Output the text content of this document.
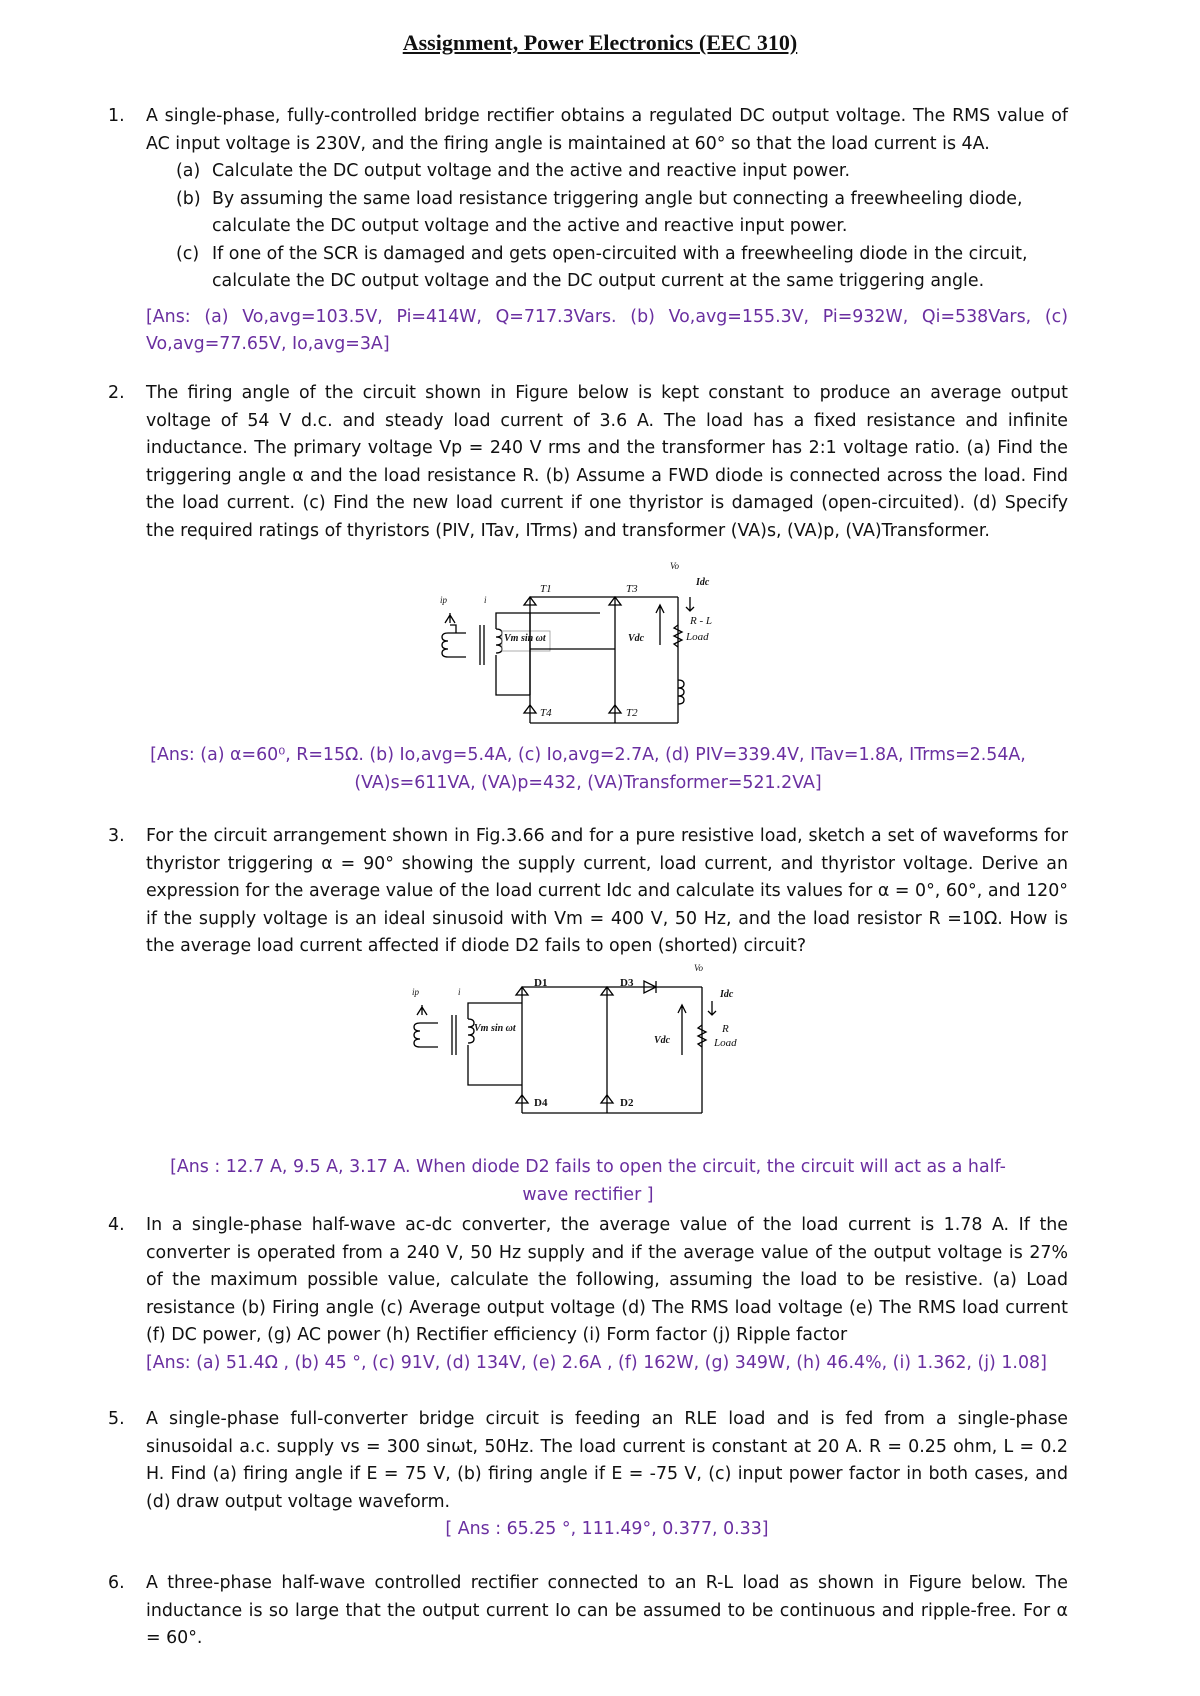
Assignment, Power Electronics (EEC 310)
1. A single-phase, fully-controlled bridge rectifier obtains a regulated DC output voltage. The RMS value of AC input voltage is 230V, and the firing angle is maintained at 60° so that the load current is 4A.
(a) Calculate the DC output voltage and the active and reactive input power.
(b) By assuming the same load resistance triggering angle but connecting a freewheeling diode, calculate the DC output voltage and the active and reactive input power.
(c) If one of the SCR is damaged and gets open-circuited with a freewheeling diode in the circuit, calculate the DC output voltage and the DC output current at the same triggering angle.
[Ans: (a) Vo,avg=103.5V, Pi=414W, Q=717.3Vars. (b) Vo,avg=155.3V, Pi=932W, Qi=538Vars, (c) Vo,avg=77.65V, Io,avg=3A]
2. The firing angle of the circuit shown in Figure below is kept constant to produce an average output voltage of 54 V d.c. and steady load current of 3.6 A. The load has a fixed resistance and infinite inductance. The primary voltage Vp = 240 V rms and the transformer has 2:1 voltage ratio. (a) Find the triggering angle α and the load resistance R. (b) Assume a FWD diode is connected across the load. Find the load current. (c) Find the new load current if one thyristor is damaged (open-circuited). (d) Specify the required ratings of thyristors (PIV, ITav, ITrms) and transformer (VA)s, (VA)p, (VA)Transformer.
T1	T3
T4	T2
Vm sin ωt	Vdc
Idc
R - L
Load
Vo
ip	i
[Ans: (a) α=60⁰, R=15Ω. (b) Io,avg=5.4A, (c) Io,avg=2.7A, (d) PIV=339.4V, ITav=1.8A, ITrms=2.54A,
(VA)s=611VA, (VA)p=432, (VA)Transformer=521.2VA]
3. For the circuit arrangement shown in Fig.3.66 and for a pure resistive load, sketch a set of waveforms for thyristor triggering α = 90° showing the supply current, load current, and thyristor voltage. Derive an expression for the average value of the load current Idc and calculate its values for α = 0°, 60°, and 120° if the supply voltage is an ideal sinusoid with Vm = 400 V, 50 Hz, and the load resistor R =10Ω. How is the average load current affected if diode D2 fails to open (shorted) circuit?
D1	D3
D4	D2
Vm sin ωt
Vdc
Idc
R
Load
Vo
ip	i
[Ans : 12.7 A, 9.5 A, 3.17 A. When diode D2 fails to open the circuit, the circuit will act as a half-wave rectifier ]
4. In a single-phase half-wave ac-dc converter, the average value of the load current is 1.78 A. If the converter is operated from a 240 V, 50 Hz supply and if the average value of the output voltage is 27% of the maximum possible value, calculate the following, assuming the load to be resistive. (a) Load resistance (b) Firing angle (c) Average output voltage (d) The RMS load voltage (e) The RMS load current (f) DC power, (g) AC power (h) Rectifier efficiency (i) Form factor (j) Ripple factor
[Ans: (a) 51.4Ω , (b) 45 °, (c) 91V, (d) 134V, (e) 2.6A , (f) 162W, (g) 349W, (h) 46.4%, (i) 1.362, (j) 1.08]
5. A single-phase full-converter bridge circuit is feeding an RLE load and is fed from a single-phase sinusoidal a.c. supply vs = 300 sinωt, 50Hz. The load current is constant at 20 A. R = 0.25 ohm, L = 0.2 H. Find (a) firing angle if E = 75 V, (b) firing angle if E = -75 V, (c) input power factor in both cases, and (d) draw output voltage waveform.
[ Ans : 65.25 °, 111.49°, 0.377, 0.33]
6. A three-phase half-wave controlled rectifier connected to an R-L load as shown in Figure below. The inductance is so large that the output current Io can be assumed to be continuous and ripple-free. For α = 60°.
